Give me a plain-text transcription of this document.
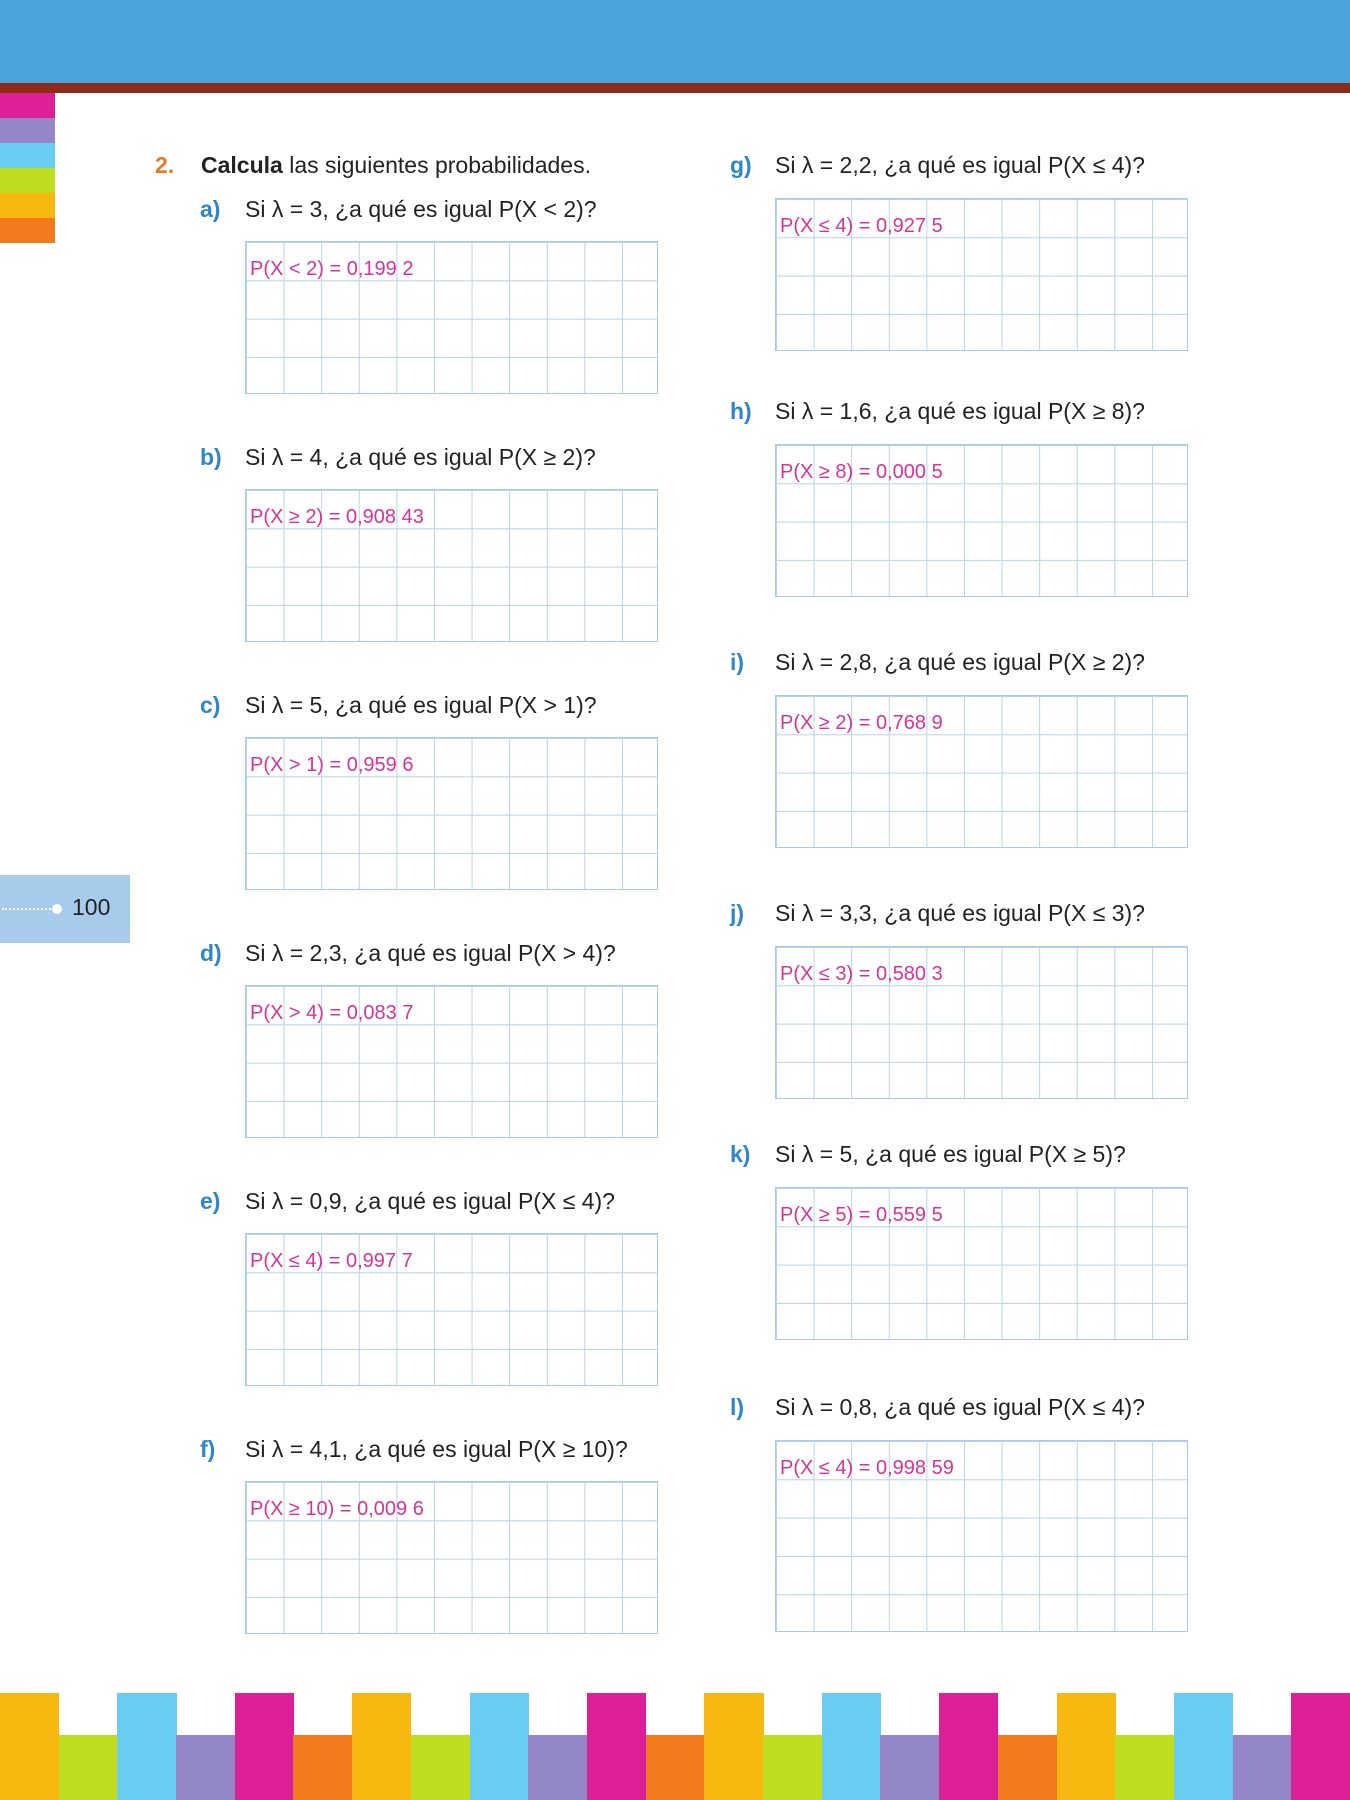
100
2. Calcula las siguientes probabilidades.
a) Si λ = 3, ¿a qué es igual P(X < 2)?
P(X < 2) = 0,199 2
b) Si λ = 4, ¿a qué es igual P(X ≥ 2)?
P(X ≥ 2) = 0,908 43
c) Si λ = 5, ¿a qué es igual P(X > 1)?
P(X > 1) = 0,959 6
d) Si λ = 2,3, ¿a qué es igual P(X > 4)?
P(X > 4) = 0,083 7
e) Si λ = 0,9, ¿a qué es igual P(X ≤ 4)?
P(X ≤ 4) = 0,997 7
f) Si λ = 4,1, ¿a qué es igual P(X ≥ 10)?
P(X ≥ 10) = 0,009 6
g) Si λ = 2,2, ¿a qué es igual P(X ≤ 4)?
P(X ≤ 4) = 0,927 5
h) Si λ = 1,6, ¿a qué es igual P(X ≥ 8)?
P(X ≥ 8) = 0,000 5
i) Si λ = 2,8, ¿a qué es igual P(X ≥ 2)?
P(X ≥ 2) = 0,768 9
j) Si λ = 3,3, ¿a qué es igual P(X ≤ 3)?
P(X ≤ 3) = 0,580 3
k) Si λ = 5, ¿a qué es igual P(X ≥ 5)?
P(X ≥ 5) = 0,559 5
l) Si λ = 0,8, ¿a qué es igual P(X ≤ 4)?
P(X ≤ 4) = 0,998 59
